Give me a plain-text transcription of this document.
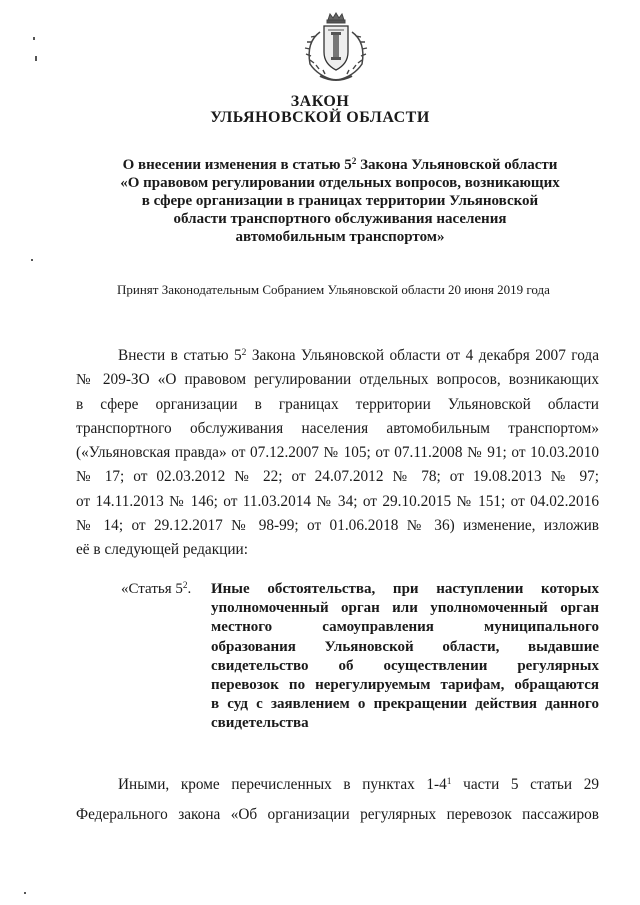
ЗАКОН
УЛЬЯНОВСКОЙ ОБЛАСТИ
О внесении изменения в статью $5^2$ Закона Ульяновской области
«О правовом регулировании отдельных вопросов, возникающих
в сфере организации в границах территории Ульяновской
области транспортного обслуживания населения
автомобильным транспортом»
Принят Законодательным Собранием Ульяновской области 20 июня 2019 года
Внести в статью $5^2$ Закона Ульяновской области от 4 декабря 2007 года
№ 209-ЗО «О правовом регулировании отдельных вопросов, возникающих
в сфере организации в границах территории Ульяновской области
транспортного обслуживания населения автомобильным транспортом»
(«Ульяновская правда» от 07.12.2007 № 105; от 07.11.2008 № 91; от 10.03.2010
№ 17; от 02.03.2012 № 22; от 24.07.2012 № 78; от 19.08.2013 № 97;
от 14.11.2013 № 146; от 11.03.2014 № 34; от 29.10.2015 № 151; от 04.02.2016
№ 14; от 29.12.2017 № 98-99; от 01.06.2018 № 36) изменение, изложив
её в следующей редакции:
«Статья $5^2$. Иные обстоятельства, при наступлении которых
уполномоченный орган или уполномоченный орган
местного самоуправления муниципального
образования Ульяновской области, выдавшие
свидетельство об осуществлении регулярных
перевозок по нерегулируемым тарифам, обращаются
в суд с заявлением о прекращении действия данного
свидетельства
Иными, кроме перечисленных в пунктах $1-4^1$ части 5 статьи 29
Федерального закона «Об организации регулярных перевозок пассажиров
